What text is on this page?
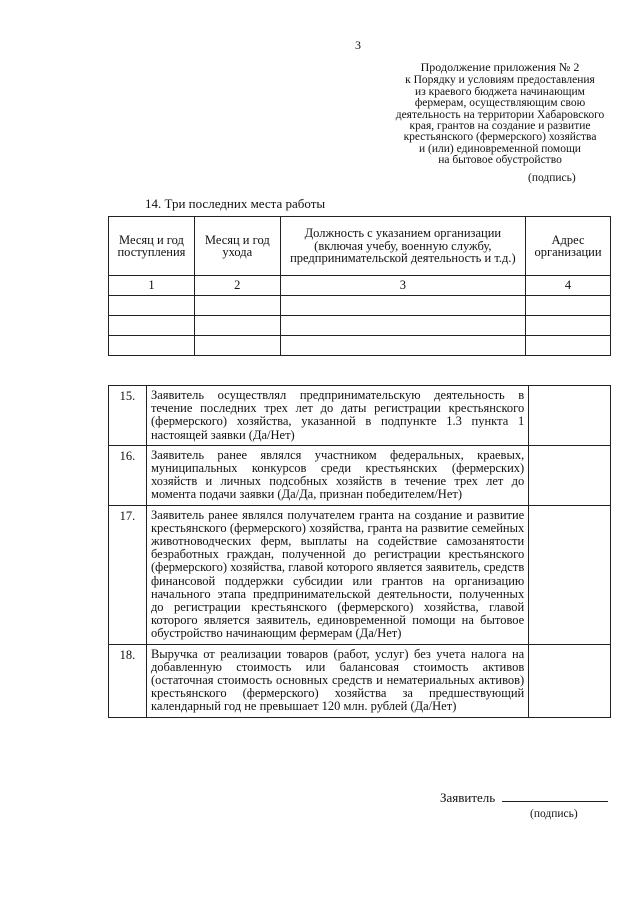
3
Продолжение приложения № 2
к Порядку и условиям предоставления
из краевого бюджета начинающим
фермерам, осуществляющим свою
деятельность на территории Хабаровского
края, грантов на создание и развитие
крестьянского (фермерского) хозяйства
и (или) единовременной помощи
на бытовое обустройство
(подпись)
14. Три последних места работы
Месяц и год поступления	Месяц и год ухода	Должность с указанием организации (включая учебу, военную службу, предпринимательской деятельность и т.д.)	Адрес организации
1	2	3	4

15.	Заявитель осуществлял предпринимательскую деятельность в течение последних трех лет до даты регистрации крестьянского (фермерского) хозяйства, указанной в подпункте 1.3 пункта 1 настоящей заявки (Да/Нет)	
16.	Заявитель ранее являлся участником федеральных, краевых, муниципальных конкурсов среди крестьянских (фермерских) хозяйств и личных подсобных хозяйств в течение трех лет до момента подачи заявки (Да/Да, признан победителем/Нет)	
17.	Заявитель ранее являлся получателем гранта на создание и развитие крестьянского (фермерского) хозяйства, гранта на развитие семейных животноводческих ферм, выплаты на содействие самозанятости безработных граждан, полученной до регистрации крестьянского (фермерского) хозяйства, главой которого является заявитель, средств финансовой поддержки субсидии или грантов на организацию начального этапа предпринимательской деятельности, полученных до регистрации крестьянского (фермерского) хозяйства, главой которого является заявитель, единовременной помощи на бытовое обустройство начинающим фермерам (Да/Нет)	
18.	Выручка от реализации товаров (работ, услуг) без учета налога на добавленную стоимость или балансовая стоимость активов (остаточная стоимость основных средств и нематериальных активов) крестьянского (фермерского) хозяйства за предшествующий календарный год не превышает 120 млн. рублей (Да/Нет)	
Заявитель
(подпись)
